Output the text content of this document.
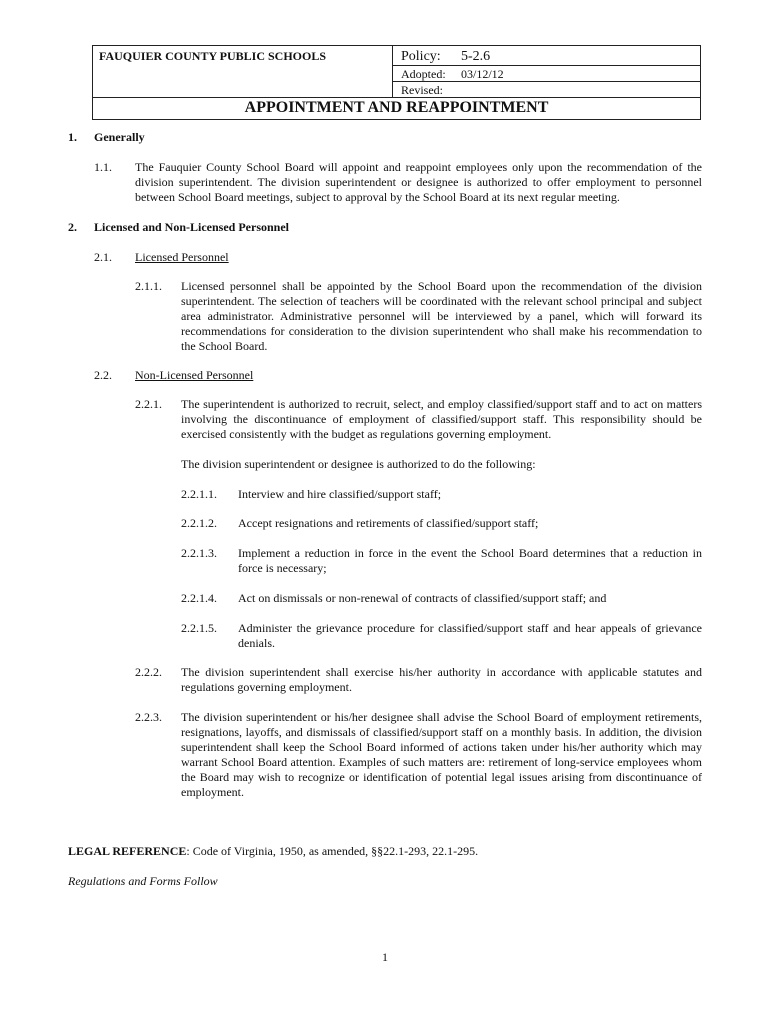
FAUQUIER COUNTY PUBLIC SCHOOLS	Policy: 5-2.6
Adopted: 03/12/12
Revised:
APPOINTMENT AND REAPPOINTMENT
1. Generally
1.1. The Fauquier County School Board will appoint and reappoint employees only upon the recommendation of the division superintendent. The division superintendent or designee is authorized to offer employment to personnel between School Board meetings, subject to approval by the School Board at its next regular meeting.
2. Licensed and Non-Licensed Personnel
2.1. Licensed Personnel
2.1.1. Licensed personnel shall be appointed by the School Board upon the recommendation of the division superintendent. The selection of teachers will be coordinated with the relevant school principal and subject area administrator. Administrative personnel will be interviewed by a panel, which will forward its recommendations for consideration to the division superintendent who shall make his recommendation to the School Board.
2.2. Non-Licensed Personnel
2.2.1. The superintendent is authorized to recruit, select, and employ classified/support staff and to act on matters involving the discontinuance of employment of classified/support staff. This responsibility should be exercised consistently with the budget as regulations governing employment.
The division superintendent or designee is authorized to do the following:
2.2.1.1. Interview and hire classified/support staff;
2.2.1.2. Accept resignations and retirements of classified/support staff;
2.2.1.3. Implement a reduction in force in the event the School Board determines that a reduction in force is necessary;
2.2.1.4. Act on dismissals or non-renewal of contracts of classified/support staff; and
2.2.1.5. Administer the grievance procedure for classified/support staff and hear appeals of grievance denials.
2.2.2. The division superintendent shall exercise his/her authority in accordance with applicable statutes and regulations governing employment.
2.2.3. The division superintendent or his/her designee shall advise the School Board of employment retirements, resignations, layoffs, and dismissals of classified/support staff on a monthly basis. In addition, the division superintendent shall keep the School Board informed of actions taken under his/her authority which may warrant School Board attention. Examples of such matters are: retirement of long-service employees whom the Board may wish to recognize or identification of potential legal issues arising from discontinuance of employment.
LEGAL REFERENCE: Code of Virginia, 1950, as amended, §§22.1-293, 22.1-295.
Regulations and Forms Follow
1
